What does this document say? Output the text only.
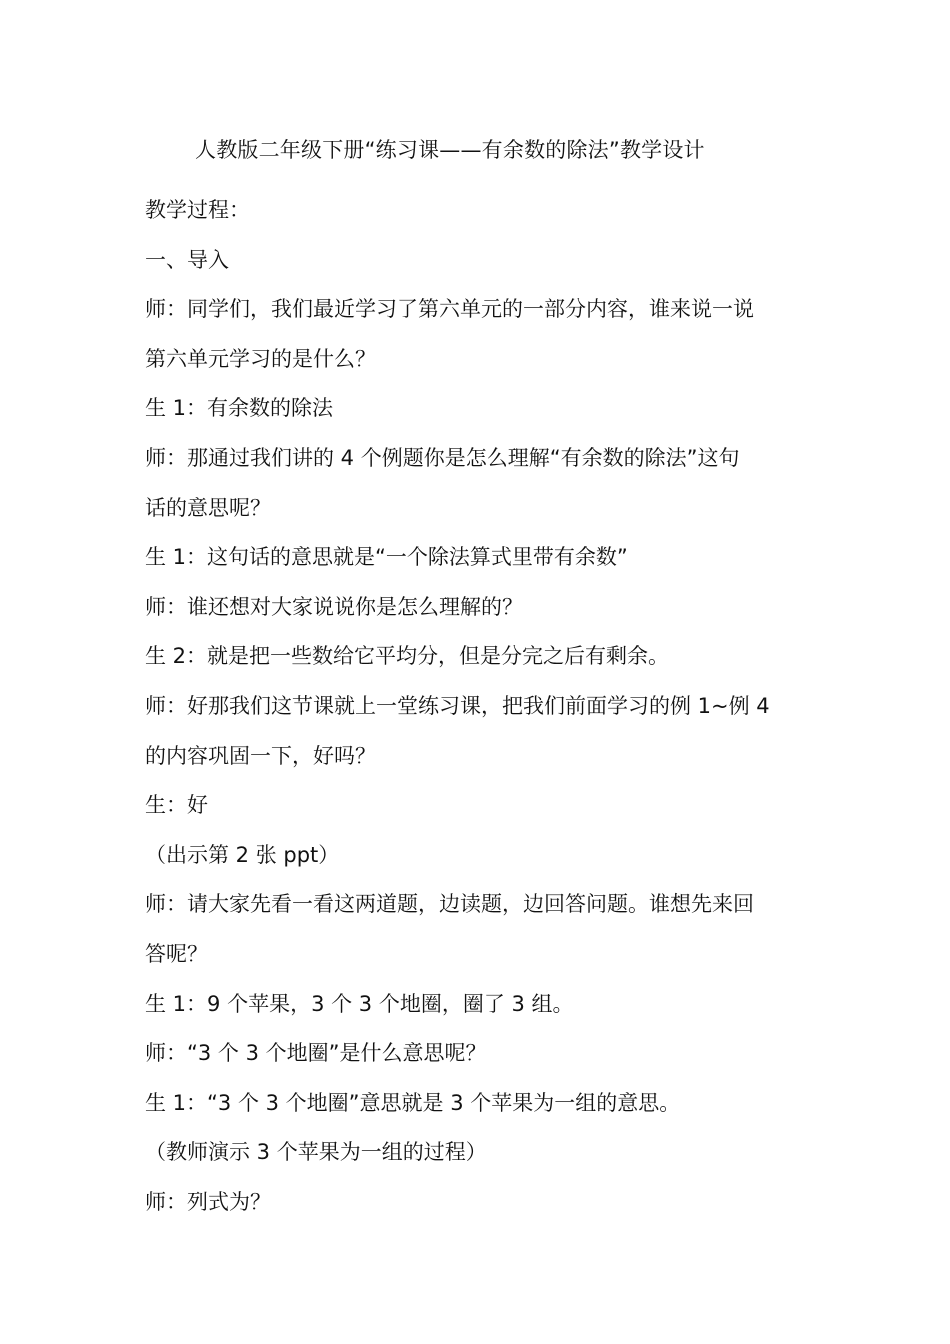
人教版二年级下册“练习课——有余数的除法”教学设计

教学过程：

一、导入

师：同学们，我们最近学习了第六单元的一部分内容，谁来说一说

第六单元学习的是什么？

生 1：有余数的除法

师：那通过我们讲的 4 个例题你是怎么理解“有余数的除法”这句

话的意思呢？

生 1：这句话的意思就是“一个除法算式里带有余数”

师：谁还想对大家说说你是怎么理解的？

生 2：就是把一些数给它平均分，但是分完之后有剩余。

师：好那我们这节课就上一堂练习课，把我们前面学习的例 1~例 4

的内容巩固一下，好吗？

生：好

（出示第 2 张 ppt）

师：请大家先看一看这两道题，边读题，边回答问题。谁想先来回

答呢？

生 1：9 个苹果，3 个 3 个地圈，圈了 3 组。

师：“3 个 3 个地圈”是什么意思呢？

生 1：“3 个 3 个地圈”意思就是 3 个苹果为一组的意思。

（教师演示 3 个苹果为一组的过程）

师：列式为？
